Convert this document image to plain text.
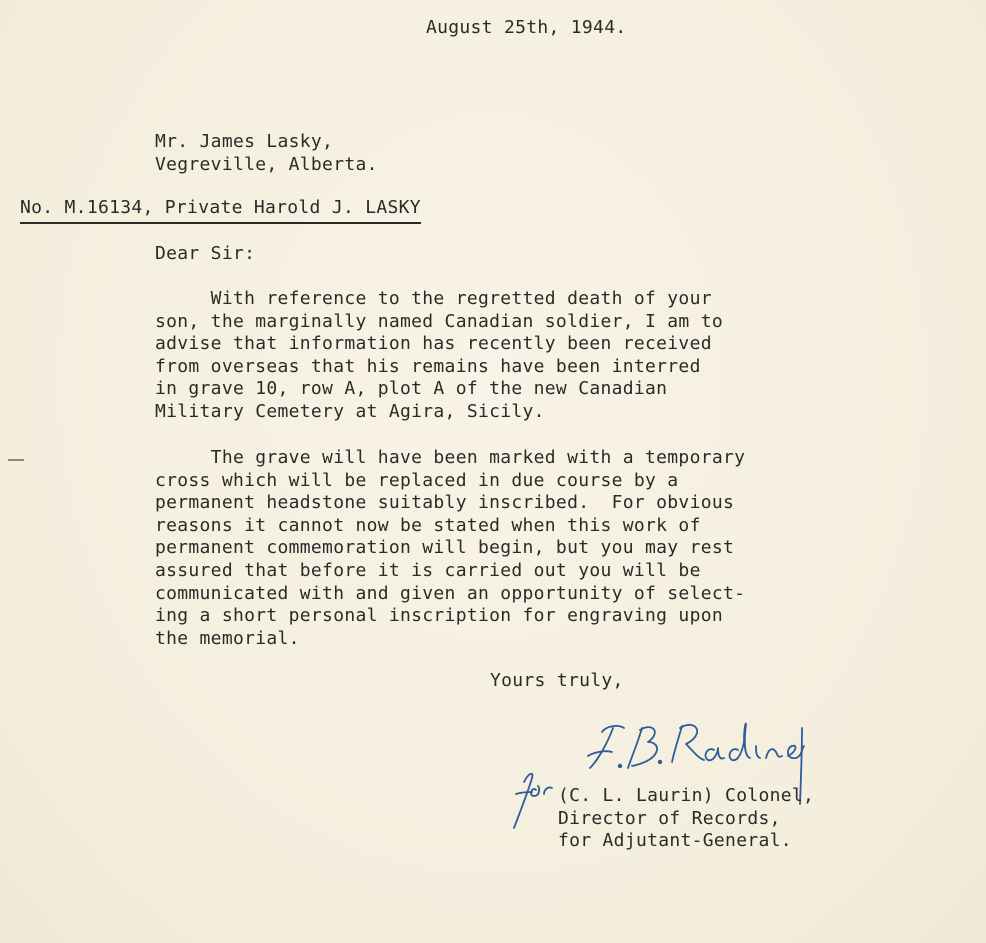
August 25th, 1944.
Mr. James Lasky,
Vegreville, Alberta.
No. M.16134, Private Harold J. LASKY
Dear Sir:
With reference to the regretted death of your
son, the marginally named Canadian soldier, I am to
advise that information has recently been received
from overseas that his remains have been interred
in grave 10, row A, plot A of the new Canadian
Military Cemetery at Agira, Sicily.
The grave will have been marked with a temporary
cross which will be replaced in due course by a
permanent headstone suitably inscribed.  For obvious
reasons it cannot now be stated when this work of
permanent commemoration will begin, but you may rest
assured that before it is carried out you will be
communicated with and given an opportunity of select-
ing a short personal inscription for engraving upon
the memorial.
Yours truly,
(C. L. Laurin) Colonel,
Director of Records,
for Adjutant-General.
